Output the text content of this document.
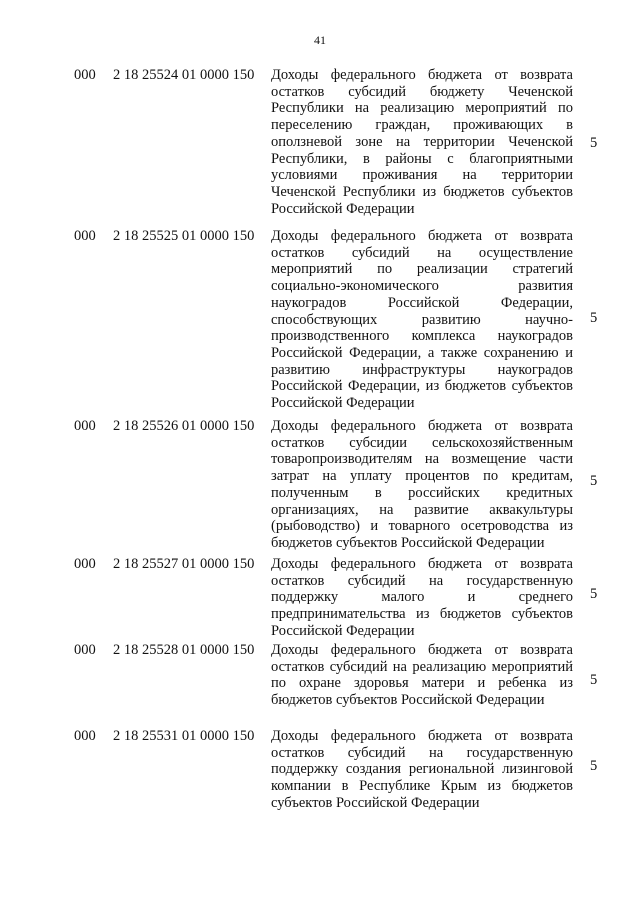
41
000 2 18 25524 01 0000 150 Доходы федерального бюджета от возврата остатков субсидий бюджету Чеченской Республики на реализацию мероприятий по переселению граждан, проживающих в оползневой зоне на территории Чеченской Республики, в районы с благоприятными условиями проживания на территории Чеченской Республики из бюджетов субъектов Российской Федерации
5
000 2 18 25525 01 0000 150 Доходы федерального бюджета от возврата остатков субсидий на осуществление мероприятий по реализации стратегий социально-экономического развития наукоградов Российской Федерации, способствующих развитию научно-производственного комплекса наукоградов Российской Федерации, а также сохранению и развитию инфраструктуры наукоградов Российской Федерации, из бюджетов субъектов Российской Федерации
5
000 2 18 25526 01 0000 150 Доходы федерального бюджета от возврата остатков субсидии сельскохозяйственным товаропроизводителям на возмещение части затрат на уплату процентов по кредитам, полученным в российских кредитных организациях, на развитие аквакультуры (рыбоводство) и товарного осетроводства из бюджетов субъектов Российской Федерации
5
000 2 18 25527 01 0000 150 Доходы федерального бюджета от возврата остатков субсидий на государственную поддержку малого и среднего предпринимательства из бюджетов субъектов Российской Федерации
5
000 2 18 25528 01 0000 150 Доходы федерального бюджета от возврата остатков субсидий на реализацию мероприятий по охране здоровья матери и ребенка из бюджетов субъектов Российской Федерации
5
000 2 18 25531 01 0000 150 Доходы федерального бюджета от возврата остатков субсидий на государственную поддержку создания региональной лизинговой компании в Республике Крым из бюджетов субъектов Российской Федерации
5
